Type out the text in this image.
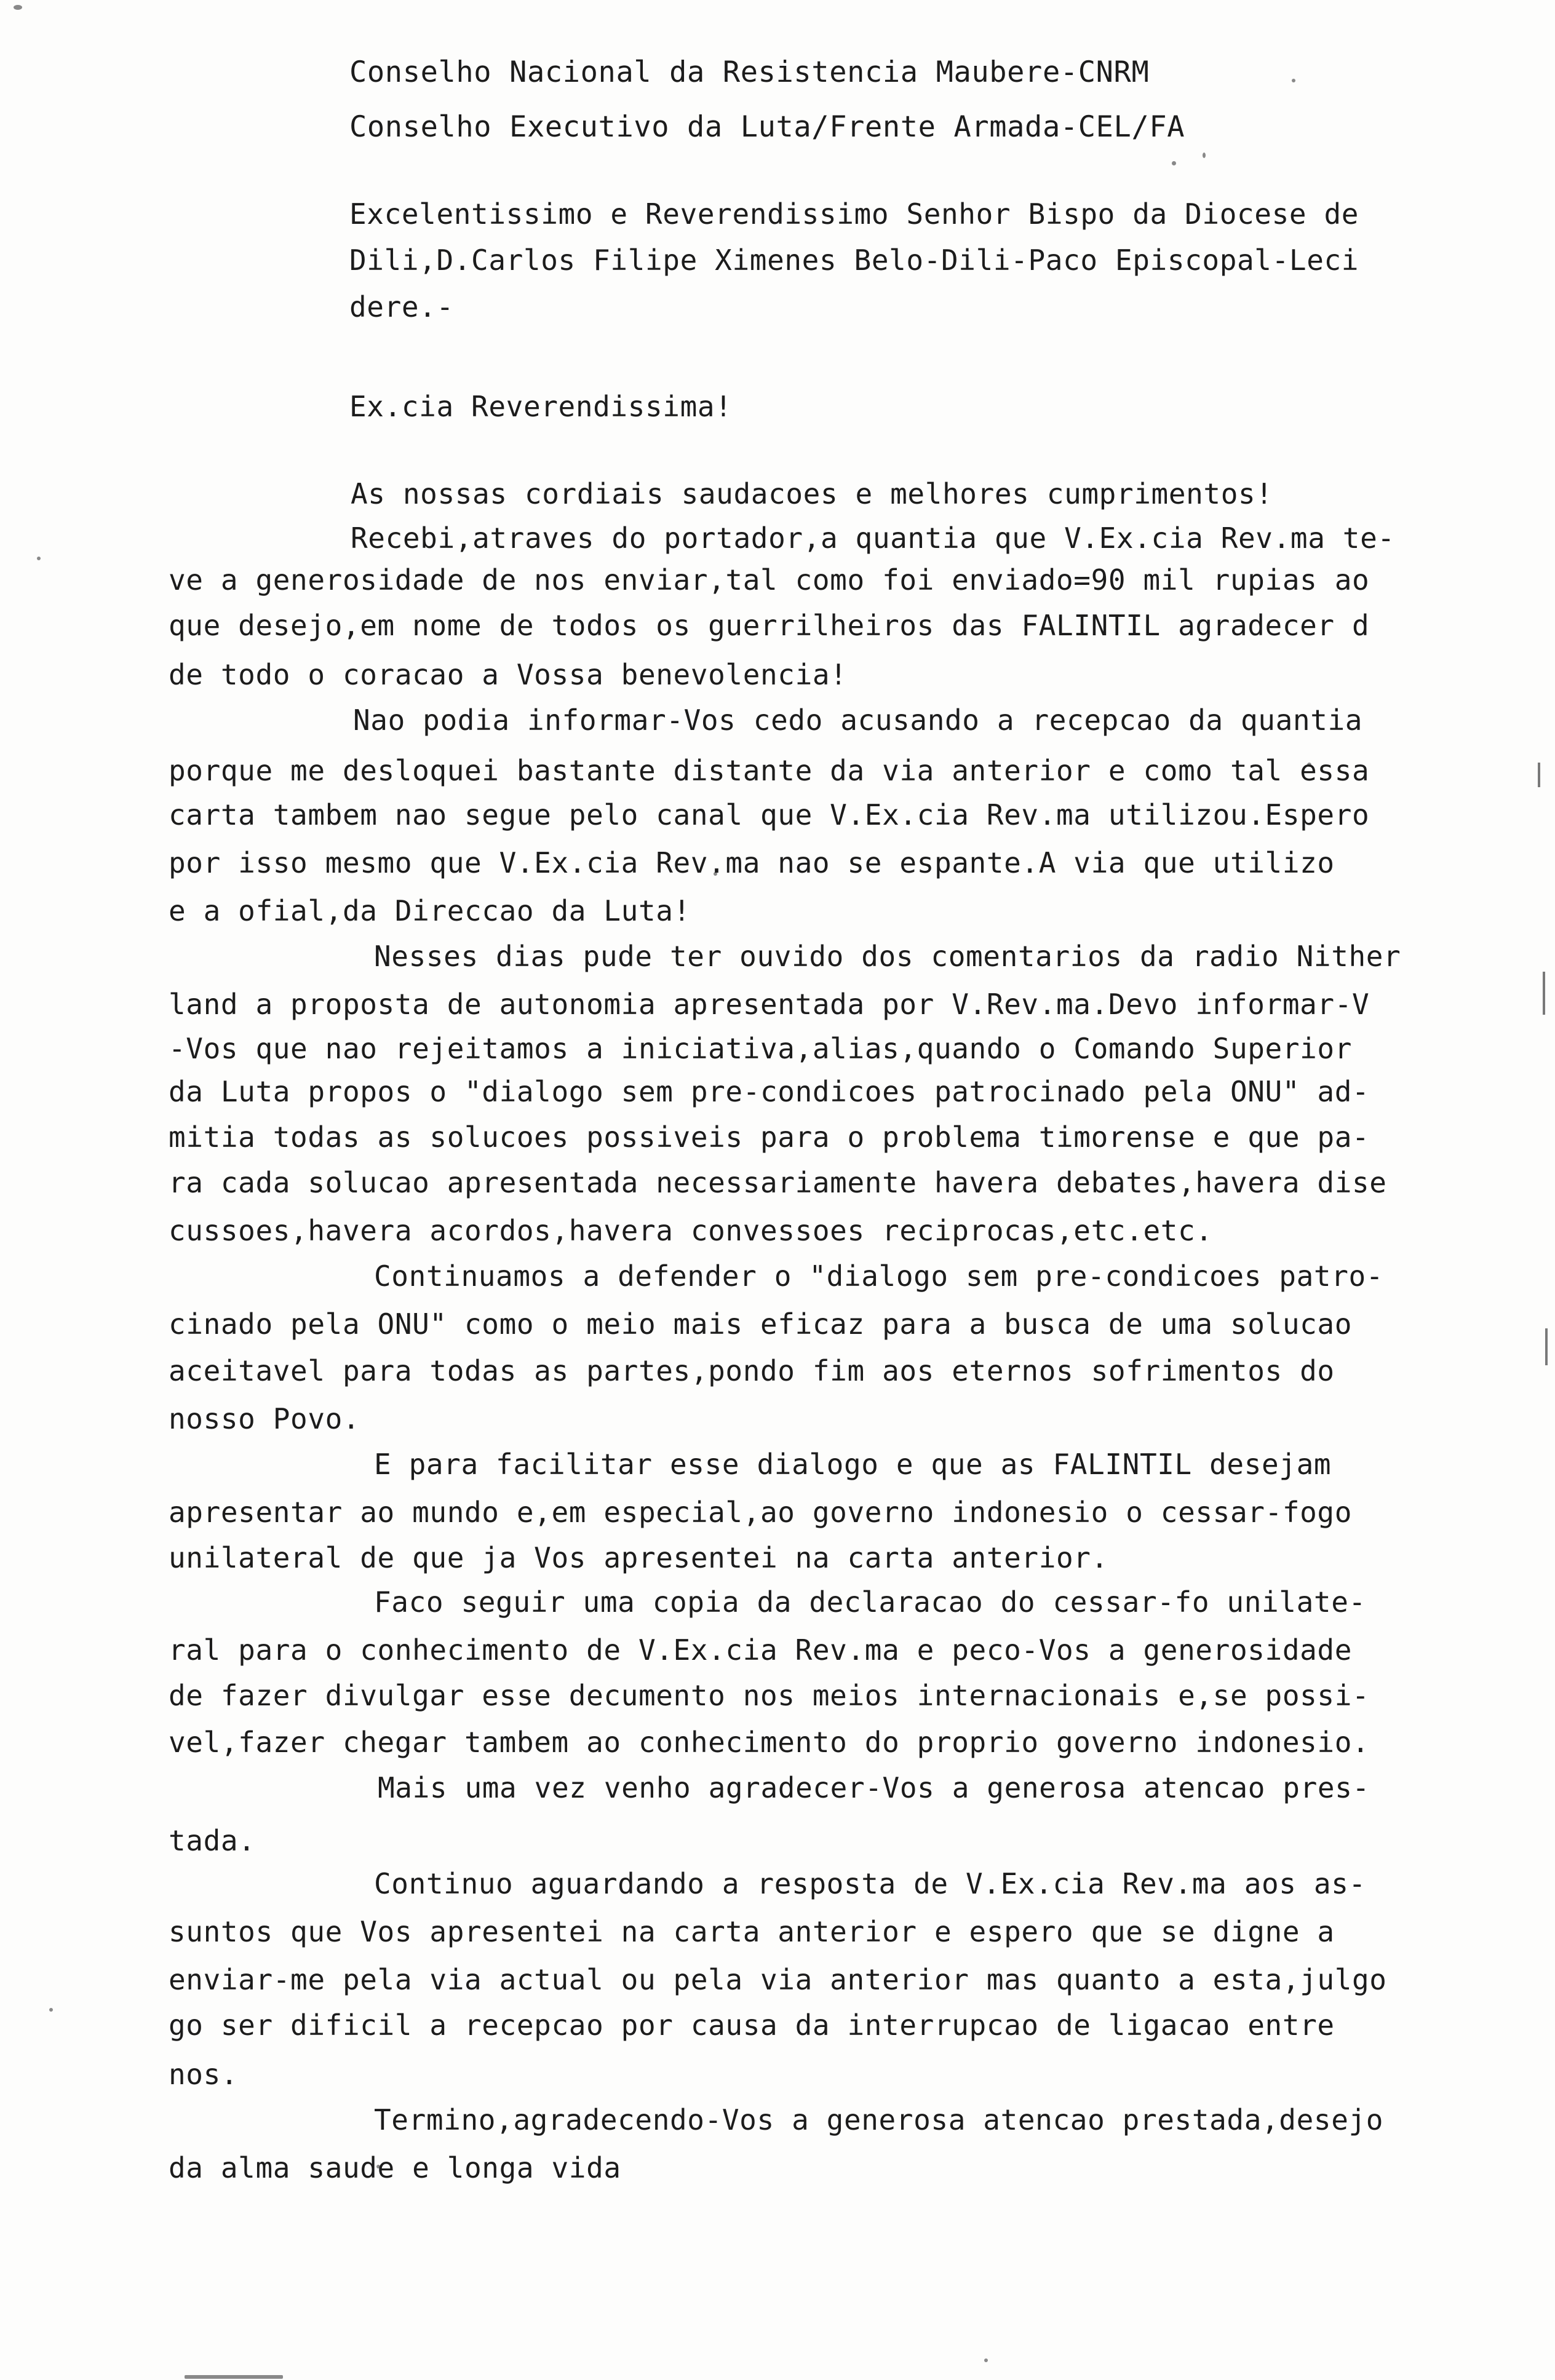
Conselho Nacional da Resistencia Maubere-CNRM
Conselho Executivo da Luta/Frente Armada-CEL/FA
Excelentissimo e Reverendissimo Senhor Bispo da Diocese de
Dili,D.Carlos Filipe Ximenes Belo-Dili-Paco Episcopal-Leci
dere.-
Ex.cia Reverendissima!
As nossas cordiais saudacoes e melhores cumprimentos!
Recebi,atraves do portador,a quantia que V.Ex.cia Rev.ma te-
ve a generosidade de nos enviar,tal como foi enviado=90 mil rupias ao
que desejo,em nome de todos os guerrilheiros das FALINTIL agradecer d
de todo o coracao a Vossa benevolencia!
Nao podia informar-Vos cedo acusando a recepcao da quantia
porque me desloquei bastante distante da via anterior e como tal essa
carta tambem nao segue pelo canal que V.Ex.cia Rev.ma utilizou.Espero
por isso mesmo que V.Ex.cia Rev.ma nao se espante.A via que utilizo
e a ofial,da Direccao da Luta!
Nesses dias pude ter ouvido dos comentarios da radio Nither
land a proposta de autonomia apresentada por V.Rev.ma.Devo informar-V
-Vos que nao rejeitamos a iniciativa,alias,quando o Comando Superior
da Luta propos o "dialogo sem pre-condicoes patrocinado pela ONU" ad-
mitia todas as solucoes possiveis para o problema timorense e que pa-
ra cada solucao apresentada necessariamente havera debates,havera dise
cussoes,havera acordos,havera convessoes reciprocas,etc.etc.
Continuamos a defender o "dialogo sem pre-condicoes patro-
cinado pela ONU" como o meio mais eficaz para a busca de uma solucao
aceitavel para todas as partes,pondo fim aos eternos sofrimentos do
nosso Povo.
E para facilitar esse dialogo e que as FALINTIL desejam
apresentar ao mundo e,em especial,ao governo indonesio o cessar-fogo
unilateral de que ja Vos apresentei na carta anterior.
Faco seguir uma copia da declaracao do cessar-fo unilate-
ral para o conhecimento de V.Ex.cia Rev.ma e peco-Vos a generosidade
de fazer divulgar esse decumento nos meios internacionais e,se possi-
vel,fazer chegar tambem ao conhecimento do proprio governo indonesio.
Mais uma vez venho agradecer-Vos a generosa atencao pres-
tada.
Continuo aguardando a resposta de V.Ex.cia Rev.ma aos as-
suntos que Vos apresentei na carta anterior e espero que se digne a
enviar-me pela via actual ou pela via anterior mas quanto a esta,julgo
go ser dificil a recepcao por causa da interrupcao de ligacao entre
nos.
Termino,agradecendo-Vos a generosa atencao prestada,desejo
da alma saude e longa vida
